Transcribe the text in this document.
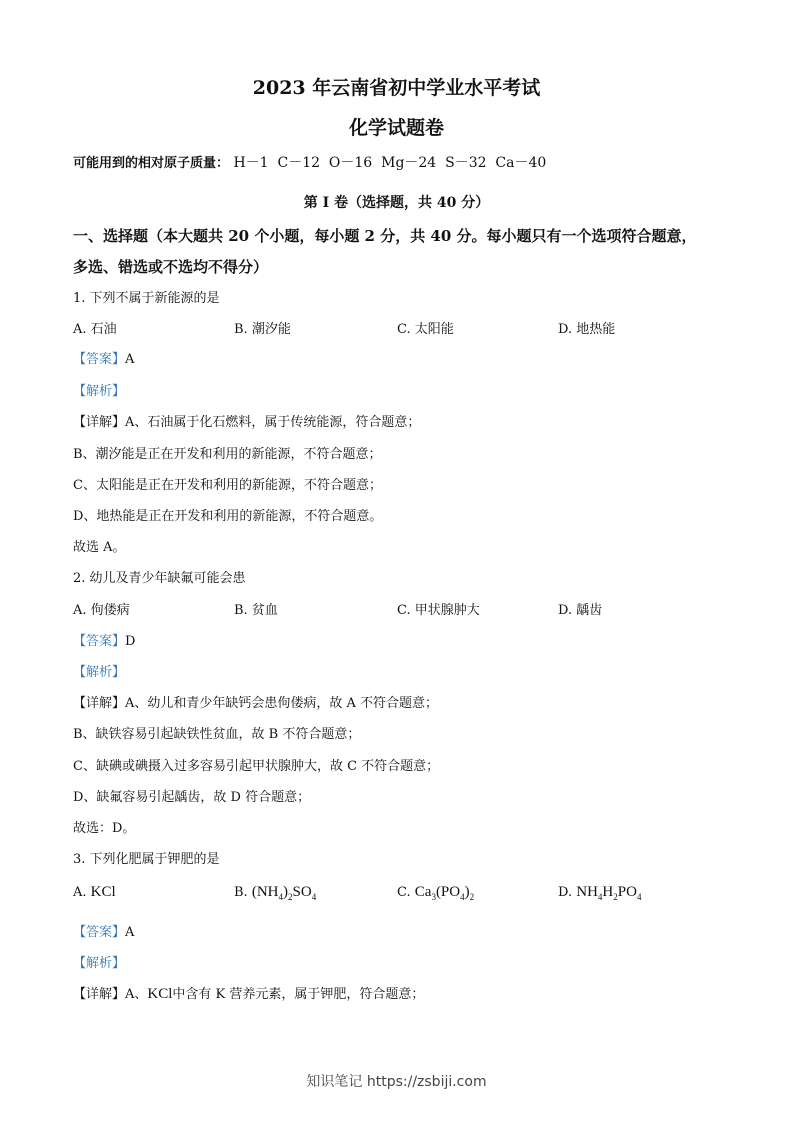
2023 年云南省初中学业水平考试
化学试题卷
可能用到的相对原子质量： H－1  C－12  O－16  Mg－24  S－32  Ca－40
第 I 卷（选择题，共 40 分）
一、选择题（本大题共 20 个小题，每小题 2 分，共 40 分。每小题只有一个选项符合题意，
多选、错选或不选均不得分）
1. 下列不属于新能源的是
A. 石油	B. 潮汐能	C. 太阳能	D. 地热能
【答案】A
【解析】
【详解】A、石油属于化石燃料，属于传统能源，符合题意；
B、潮汐能是正在开发和利用的新能源，不符合题意；
C、太阳能是正在开发和利用的新能源，不符合题意；
D、地热能是正在开发和利用的新能源，不符合题意。
故选 A。
2. 幼儿及青少年缺氟可能会患
A. 佝偻病	B. 贫血	C. 甲状腺肿大	D. 龋齿
【答案】D
【解析】
【详解】A、幼儿和青少年缺钙会患佝偻病，故 A 不符合题意；
B、缺铁容易引起缺铁性贫血，故 B 不符合题意；
C、缺碘或碘摄入过多容易引起甲状腺肿大，故 C 不符合题意；
D、缺氟容易引起龋齿，故 D 符合题意；
故选：D。
3. 下列化肥属于钾肥的是
A. KCl	B. $(NH_4)_2SO_4$	C. $Ca_3(PO_4)_2$	D. $NH_4H_2PO_4$
【答案】A
【解析】
【详解】A、KCl中含有 K 营养元素，属于钾肥，符合题意；
知识笔记 https://zsbiji.com
